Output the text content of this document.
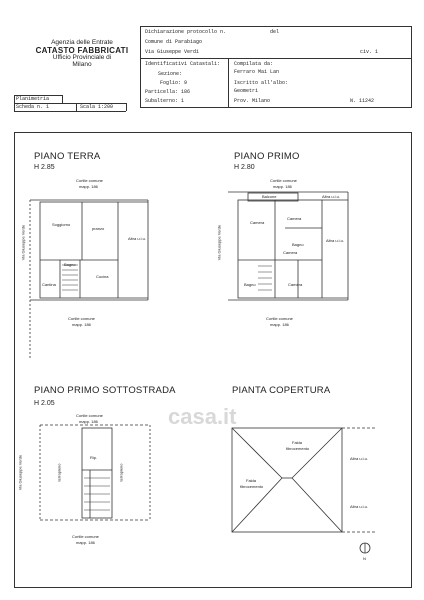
Agenzia delle Entrate
CATASTO FABBRICATI
Ufficio Provinciale di
Milano
Dichiarazione protocollo n.	del
Comune di Parabiago
Via Giuseppe Verdi	civ. 1
Identificativi Catastali:
Sezione:
Foglio: 9
Particella: 186
Subalterno: 1
Compilata da:
Ferraro Mai Lan
Iscritto all'albo:
Geometri
Prov. Milano	N. 11242
Planimetria
Scheda n. 1	Scala 1:200
PIANO TERRA
H 2.85
Cortile comune
mapp. 186
Soggiorno
pranzo
Cucina
Bagno
Cantina
Altra u.i.u.
Cortile comune
mapp. 186
Via Giuseppe Verde
PIANO PRIMO
H 2.80
Cortile comune
mapp. 186
Balcone
Camera
Camera
Bagno
Camera
Bagno	Camera
Altra u.i.u.
Altra u.i.u.
Cortile comune
mapp. 186
Via Giuseppe Verde
PIANO PRIMO SOTTOSTRADA
H 2.05
Cortile comune
mapp. 186
Rip.
terrapieno	terrapieno
Cortile comune
mapp. 186
Via Giuseppe Verde
PIANTA COPERTURA
Falda
fibrocemento
Falda
fibrocemento
Altra u.i.u.
Altra u.i.u.
N
casa.it
